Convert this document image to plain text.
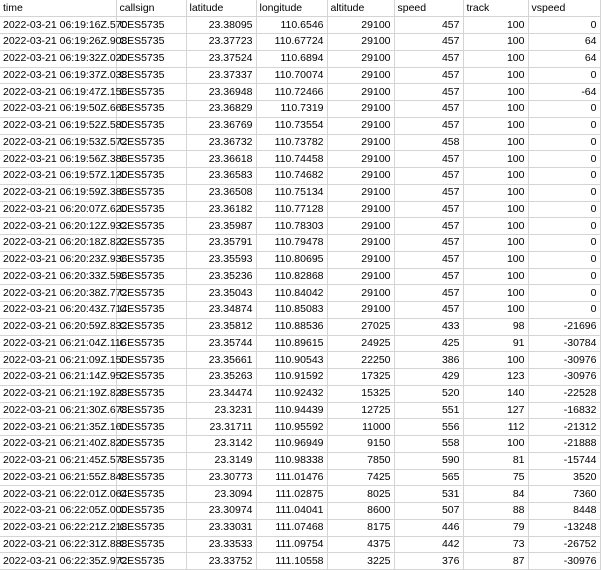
time	callsign	latitude	longitude	altitude	speed	track	vspeed
2022-03-21 06:19:16Z.570	CES5735	23.38095	110.6546	29100	457	100	0
2022-03-21 06:19:26Z.908	CES5735	23.37723	110.67724	29100	457	100	64
2022-03-21 06:19:32Z.020	CES5735	23.37524	110.6894	29100	457	100	64
2022-03-21 06:19:37Z.038	CES5735	23.37337	110.70074	29100	457	100	0
2022-03-21 06:19:47Z.156	CES5735	23.36948	110.72466	29100	457	100	-64
2022-03-21 06:19:50Z.666	CES5735	23.36829	110.7319	29100	457	100	0
2022-03-21 06:19:52Z.580	CES5735	23.36769	110.73554	29100	457	100	0
2022-03-21 06:19:53Z.572	CES5735	23.36732	110.73782	29100	458	100	0
2022-03-21 06:19:56Z.386	CES5735	23.36618	110.74458	29100	457	100	0
2022-03-21 06:19:57Z.120	CES5735	23.36583	110.74682	29100	457	100	0
2022-03-21 06:19:59Z.386	CES5735	23.36508	110.75134	29100	457	100	0
2022-03-21 06:20:07Z.620	CES5735	23.36182	110.77128	29100	457	100	0
2022-03-21 06:20:12Z.932	CES5735	23.35987	110.78303	29100	457	100	0
2022-03-21 06:20:18Z.822	CES5735	23.35791	110.79478	29100	457	100	0
2022-03-21 06:20:23Z.936	CES5735	23.35593	110.80695	29100	457	100	0
2022-03-21 06:20:33Z.596	CES5735	23.35236	110.82868	29100	457	100	0
2022-03-21 06:20:38Z.772	CES5735	23.35043	110.84042	29100	457	100	0
2022-03-21 06:20:43Z.714	CES5735	23.34874	110.85083	29100	457	100	0
2022-03-21 06:20:59Z.832	CES5735	23.35812	110.88536	27025	433	98	-21696
2022-03-21 06:21:04Z.116	CES5735	23.35744	110.89615	24925	425	91	-30784
2022-03-21 06:21:09Z.150	CES5735	23.35661	110.90543	22250	386	100	-30976
2022-03-21 06:21:14Z.952	CES5735	23.35263	110.91592	17325	429	123	-30976
2022-03-21 06:21:19Z.828	CES5735	23.34474	110.92432	15325	520	140	-22528
2022-03-21 06:21:30Z.678	CES5735	23.3231	110.94439	12725	551	127	-16832
2022-03-21 06:21:35Z.160	CES5735	23.31711	110.95592	11000	556	112	-21312
2022-03-21 06:21:40Z.820	CES5735	23.3142	110.96949	9150	558	100	-21888
2022-03-21 06:21:45Z.578	CES5735	23.3149	110.98338	7850	590	81	-15744
2022-03-21 06:21:55Z.848	CES5735	23.30773	111.01476	7425	565	75	3520
2022-03-21 06:22:01Z.064	CES5735	23.3094	111.02875	8025	531	84	7360
2022-03-21 06:22:05Z.000	CES5735	23.30974	111.04041	8600	507	88	8448
2022-03-21 06:22:21Z.218	CES5735	23.33031	111.07468	8175	446	79	-13248
2022-03-21 06:22:31Z.888	CES5735	23.33533	111.09754	4375	442	73	-26752
2022-03-21 06:22:35Z.972	CES5735	23.33752	111.10558	3225	376	87	-30976
